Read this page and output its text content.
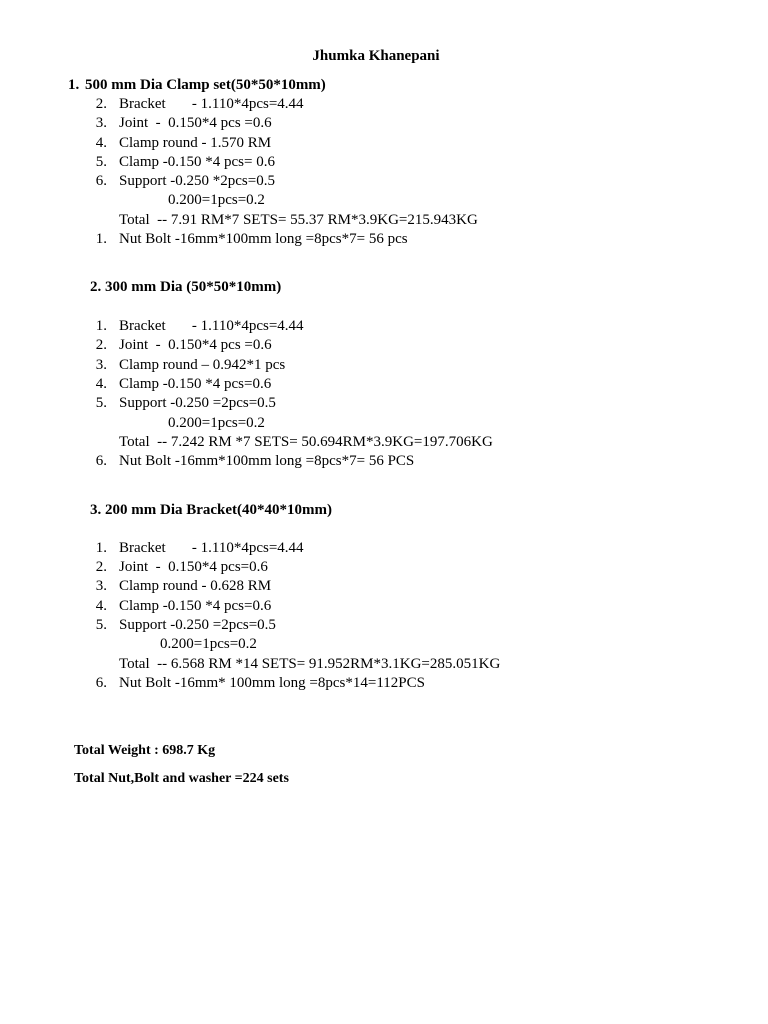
Jhumka Khanepani
1. 500 mm Dia Clamp set(50*50*10mm)
2. Bracket       - 1.110*4pcs=4.44
3. Joint  -  0.150*4 pcs =0.6
4. Clamp round - 1.570 RM
5. Clamp -0.150 *4 pcs= 0.6
6. Support -0.250 *2pcs=0.5
0.200=1pcs=0.2
Total  -- 7.91 RM*7 SETS= 55.37 RM*3.9KG=215.943KG
1. Nut Bolt -16mm*100mm long =8pcs*7= 56 pcs
2. 300 mm Dia (50*50*10mm)
1. Bracket       - 1.110*4pcs=4.44
2. Joint  -  0.150*4 pcs =0.6
3. Clamp round – 0.942*1 pcs
4. Clamp -0.150 *4 pcs=0.6
5. Support -0.250 =2pcs=0.5
0.200=1pcs=0.2
Total  -- 7.242 RM *7 SETS= 50.694RM*3.9KG=197.706KG
6. Nut Bolt -16mm*100mm long =8pcs*7= 56 PCS
3. 200 mm Dia Bracket(40*40*10mm)
1. Bracket       - 1.110*4pcs=4.44
2. Joint  -  0.150*4 pcs=0.6
3. Clamp round - 0.628 RM
4. Clamp -0.150 *4 pcs=0.6
5. Support -0.250 =2pcs=0.5
0.200=1pcs=0.2
Total  -- 6.568 RM *14 SETS= 91.952RM*3.1KG=285.051KG
6. Nut Bolt -16mm* 100mm long =8pcs*14=112PCS
Total Weight : 698.7 Kg
Total Nut,Bolt and washer =224 sets
